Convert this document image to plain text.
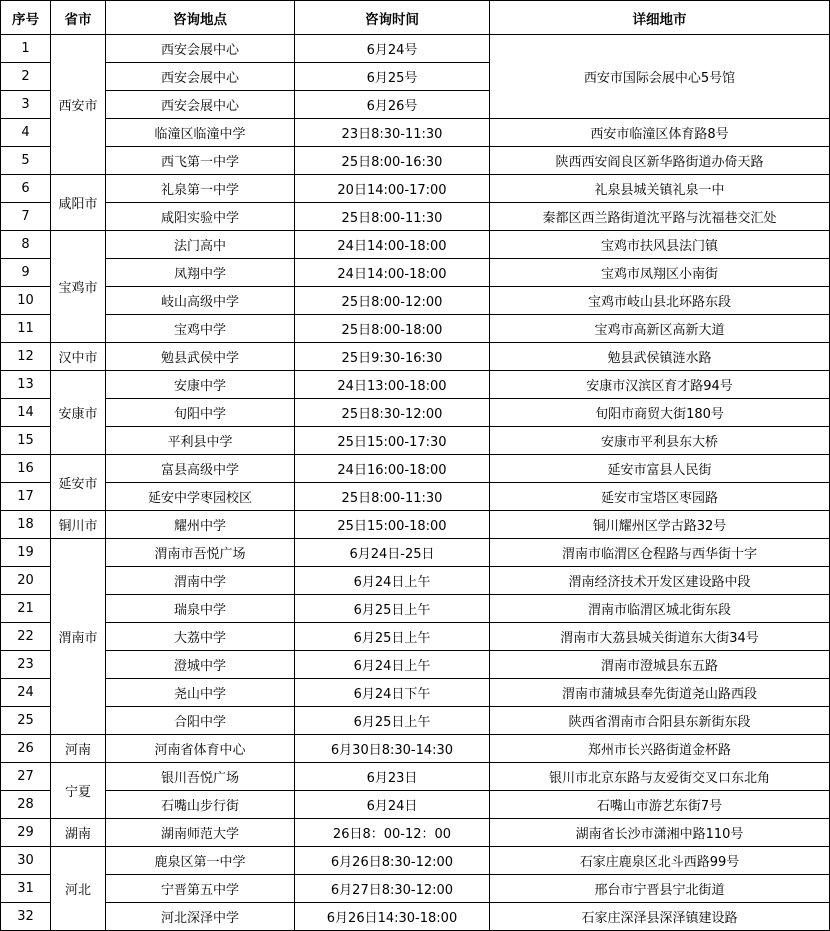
序号	省市	咨询地点	咨询时间	详细地市
1	西安市	西安会展中心	6月24号	西安市国际会展中心5号馆
2		西安会展中心	6月25号	
3		西安会展中心	6月26号	
4		临潼区临潼中学	23日8:30-11:30	西安市临潼区体育路8号
5		西飞第一中学	25日8:00-16:30	陕西西安阎良区新华路街道办倚天路
6	咸阳市	礼泉第一中学	20日14:00-17:00	礼泉县城关镇礼泉一中
7		咸阳实验中学	25日8:00-11:30	秦都区西兰路街道沈平路与沈福巷交汇处
8	宝鸡市	法门高中	24日14:00-18:00	宝鸡市扶风县法门镇
9		凤翔中学	24日14:00-18:00	宝鸡市凤翔区小南街
10		岐山高级中学	25日8:00-12:00	宝鸡市岐山县北环路东段
11		宝鸡中学	25日8:00-18:00	宝鸡市高新区高新大道
12	汉中市	勉县武侯中学	25日9:30-16:30	勉县武侯镇涟水路
13	安康市	安康中学	24日13:00-18:00	安康市汉滨区育才路94号
14		旬阳中学	25日8:30-12:00	旬阳市商贸大街180号
15		平利县中学	25日15:00-17:30	安康市平利县东大桥
16	延安市	富县高级中学	24日16:00-18:00	延安市富县人民街
17		延安中学枣园校区	25日8:00-11:30	延安市宝塔区枣园路
18	铜川市	耀州中学	25日15:00-18:00	铜川耀州区学古路32号
19	渭南市	渭南市吾悦广场	6月24日-25日	渭南市临渭区仓程路与西华街十字
20		渭南中学	6月24日上午	渭南经济技术开发区建设路中段
21		瑞泉中学	6月25日上午	渭南市临渭区城北街东段
22		大荔中学	6月25日上午	渭南市大荔县城关街道东大街34号
23		澄城中学	6月24日上午	渭南市澄城县东五路
24		尧山中学	6月24日下午	渭南市蒲城县奉先街道尧山路西段
25		合阳中学	6月25日上午	陕西省渭南市合阳县东新街东段
26	河南	河南省体育中心	6月30日8:30-14:30	郑州市长兴路街道金杯路
27	宁夏	银川吾悦广场	6月23日	银川市北京东路与友爱街交叉口东北角
28		石嘴山步行街	6月24日	石嘴山市游艺东街7号
29	湖南	湖南师范大学	26日8：00-12：00	湖南省长沙市潇湘中路110号
30	河北	鹿泉区第一中学	6月26日8:30-12:00	石家庄鹿泉区北斗西路99号
31		宁晋第五中学	6月27日8:30-12:00	邢台市宁晋县宁北街道
32		河北深泽中学	6月26日14:30-18:00	石家庄深泽县深泽镇建设路
